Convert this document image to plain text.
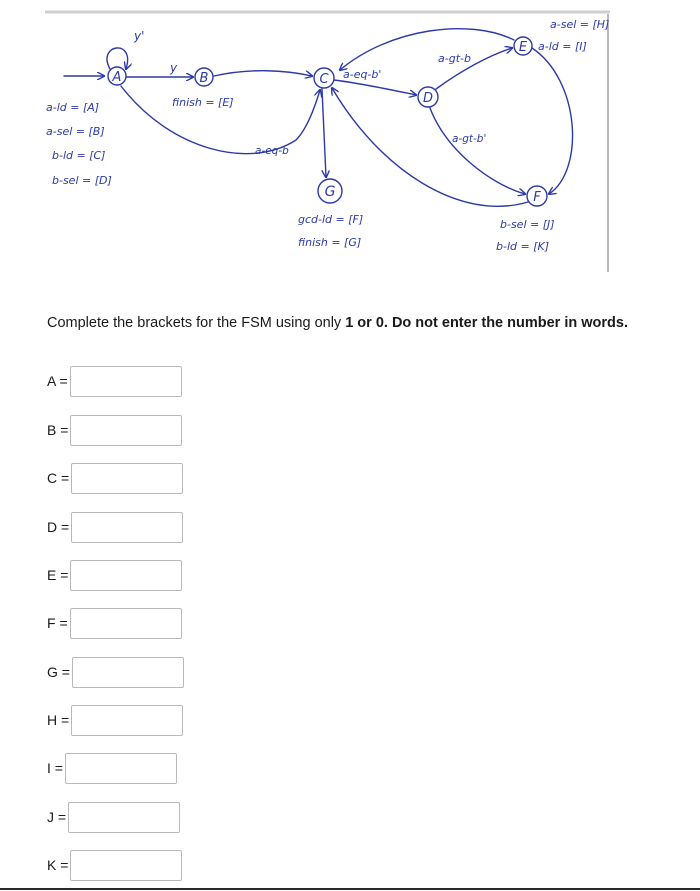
A	B	C
D
E
F
G
y'
y
a-ld = [A]
a-sel = [B]
b-ld = [C]
b-sel = [D]
finish = [E]
a-eq-b
a-eq-b'
a-gt-b
a-gt-b'
a-sel = [H]
a-ld = [I]
b-sel = [J]
b-ld = [K]
gcd-ld = [F]
finish = [G]

Complete the brackets for the FSM using only 1 or 0. Do not enter the number in words.

A =
B =
C =
D =
E =
F =
G =
H =
I =
J =
K =
